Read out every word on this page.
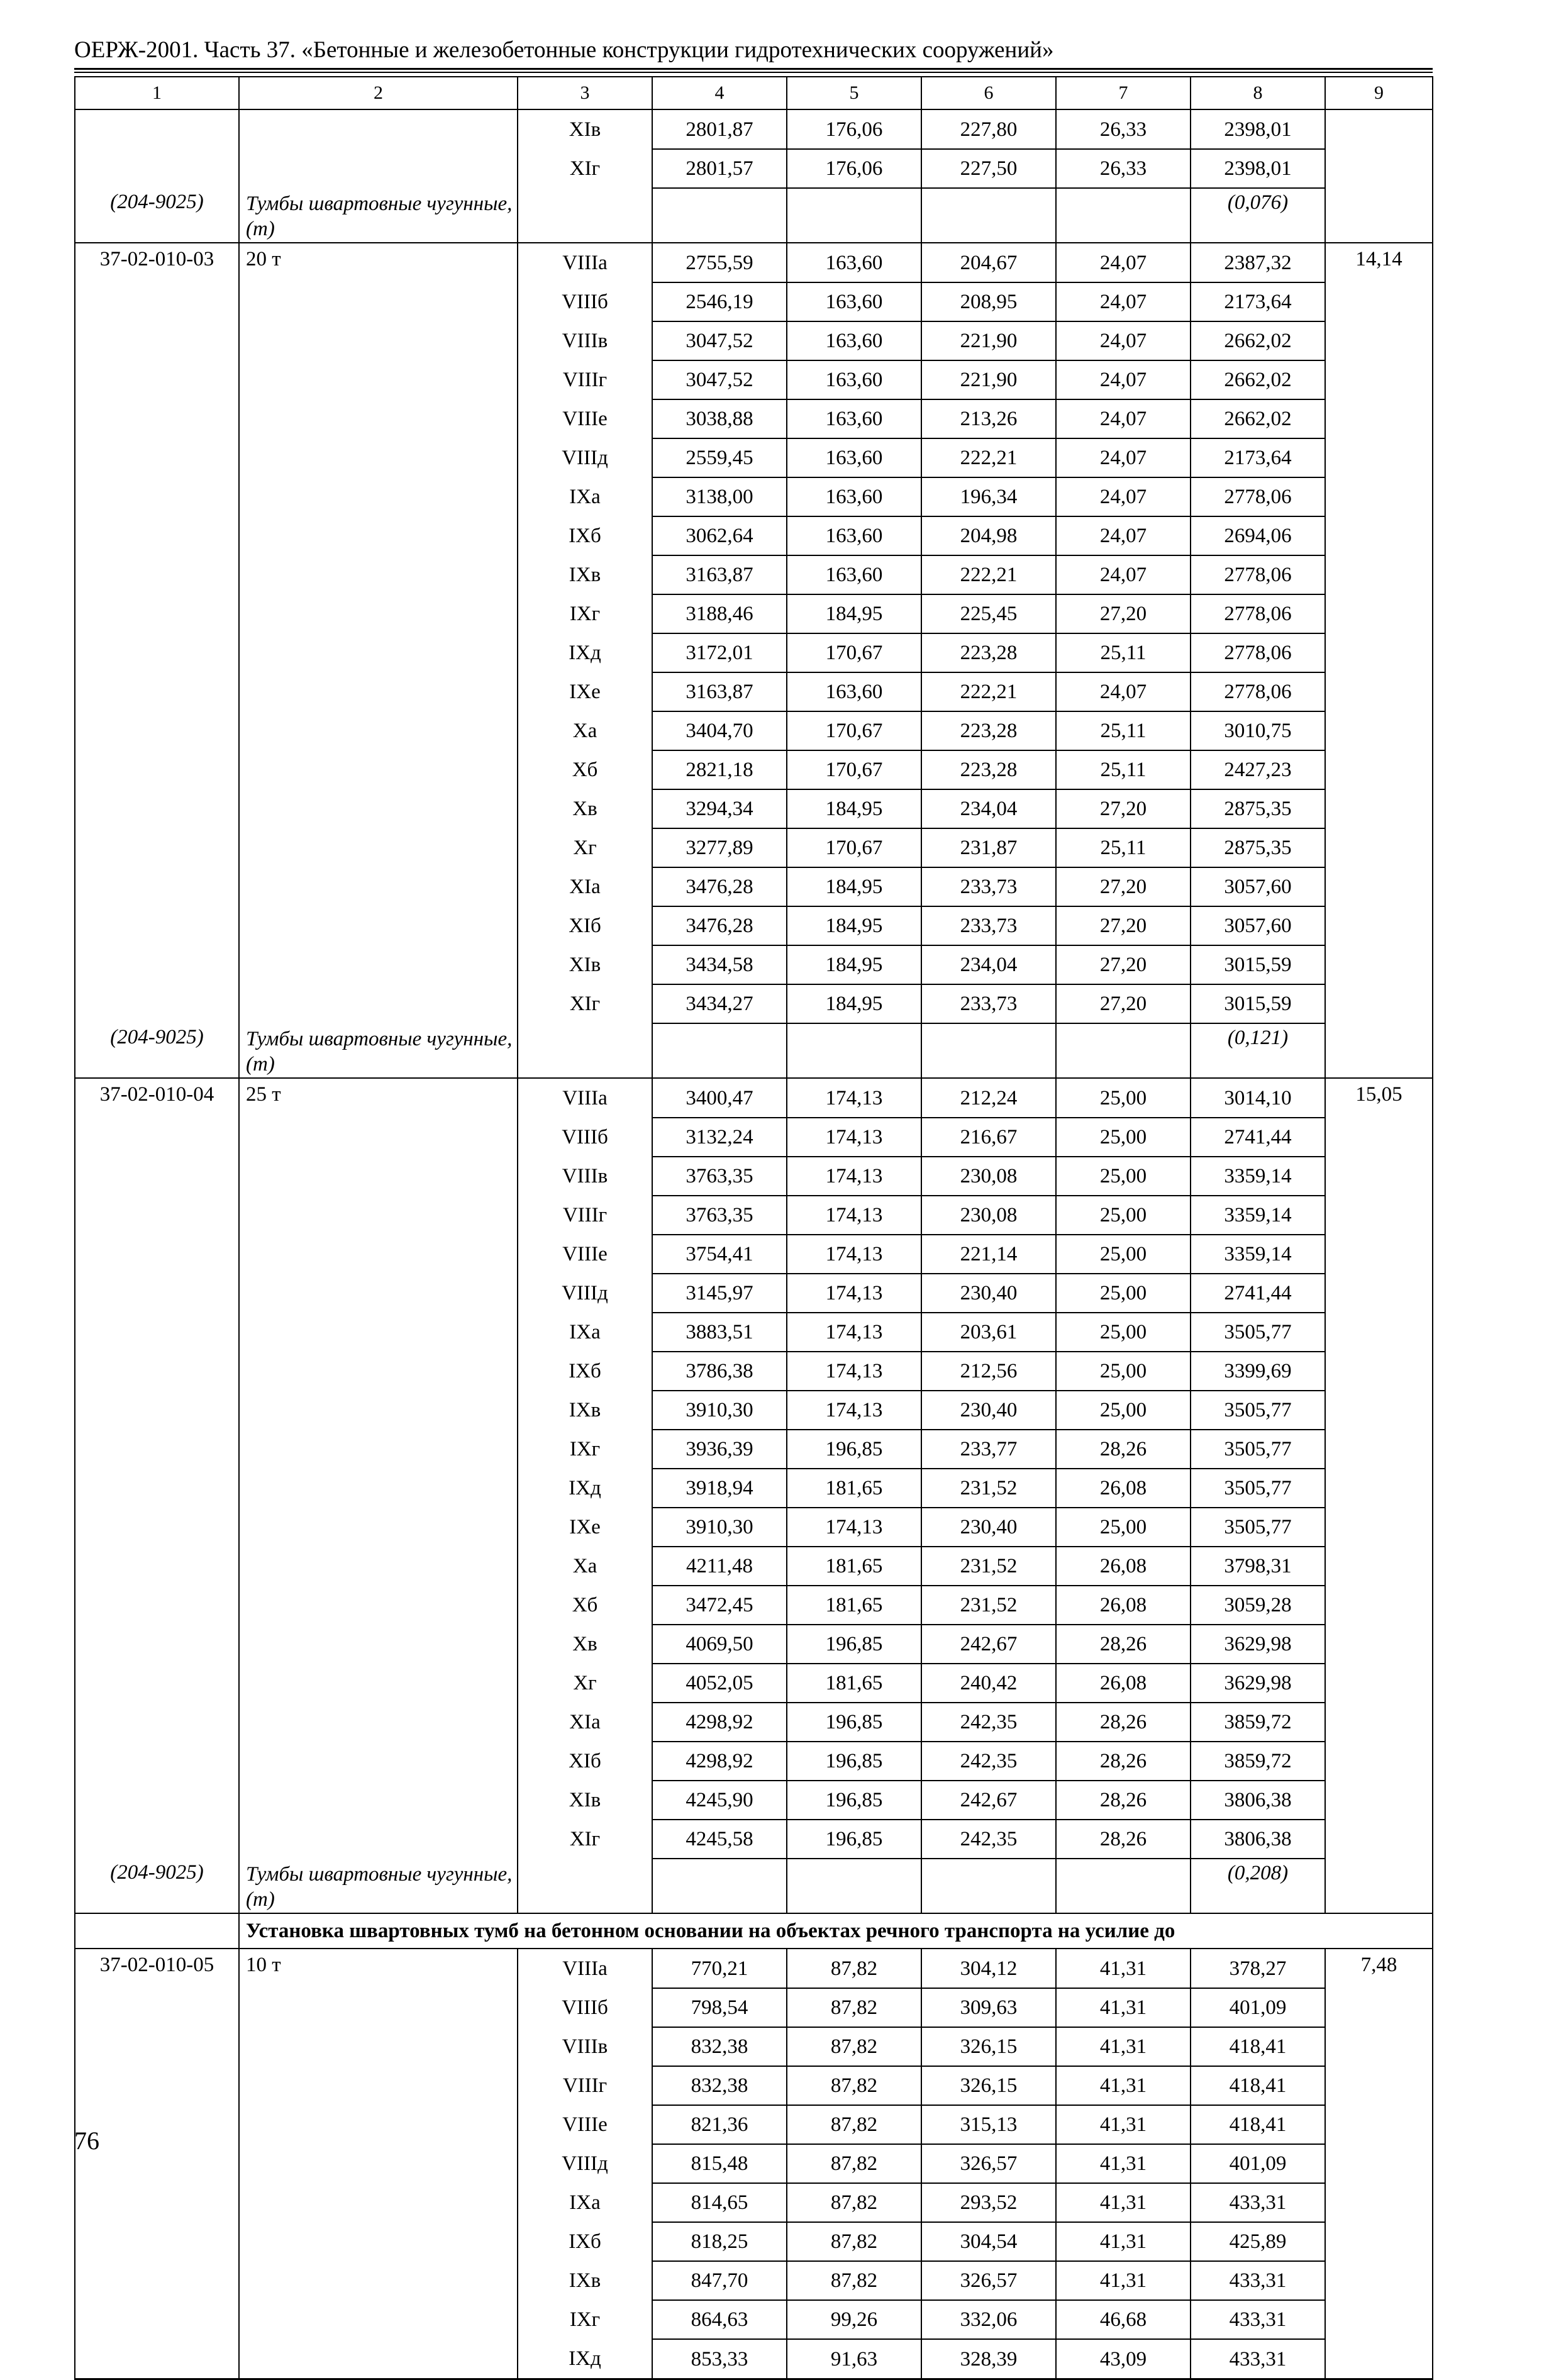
ОЕРЖ-2001. Часть 37. «Бетонные и железобетонные конструкции гидротехнических сооружений»
1	2	3	4	5	6	7	8	9
		XIв	2801,87	176,06	227,80	26,33	2398,01	
		XIг	2801,57	176,06	227,50	26,33	2398,01	
(204-9025)	Тумбы швартовные чугунные, (т)						(0,076)	
37-02-010-03	20 т	VIIIа	2755,59	163,60	204,67	24,07	2387,32	14,14
		VIIIб	2546,19	163,60	208,95	24,07	2173,64	
		VIIIв	3047,52	163,60	221,90	24,07	2662,02	
		VIIIг	3047,52	163,60	221,90	24,07	2662,02	
		VIIIе	3038,88	163,60	213,26	24,07	2662,02	
		VIIIд	2559,45	163,60	222,21	24,07	2173,64	
		IXа	3138,00	163,60	196,34	24,07	2778,06	
		IXб	3062,64	163,60	204,98	24,07	2694,06	
		IXв	3163,87	163,60	222,21	24,07	2778,06	
		IXг	3188,46	184,95	225,45	27,20	2778,06	
		IXд	3172,01	170,67	223,28	25,11	2778,06	
		IXе	3163,87	163,60	222,21	24,07	2778,06	
		Xа	3404,70	170,67	223,28	25,11	3010,75	
		Xб	2821,18	170,67	223,28	25,11	2427,23	
		Xв	3294,34	184,95	234,04	27,20	2875,35	
		Xг	3277,89	170,67	231,87	25,11	2875,35	
		XIа	3476,28	184,95	233,73	27,20	3057,60	
		XIб	3476,28	184,95	233,73	27,20	3057,60	
		XIв	3434,58	184,95	234,04	27,20	3015,59	
		XIг	3434,27	184,95	233,73	27,20	3015,59	
(204-9025)	Тумбы швартовные чугунные, (т)						(0,121)	
37-02-010-04	25 т	VIIIа	3400,47	174,13	212,24	25,00	3014,10	15,05
		VIIIб	3132,24	174,13	216,67	25,00	2741,44	
		VIIIв	3763,35	174,13	230,08	25,00	3359,14	
		VIIIг	3763,35	174,13	230,08	25,00	3359,14	
		VIIIе	3754,41	174,13	221,14	25,00	3359,14	
		VIIIд	3145,97	174,13	230,40	25,00	2741,44	
		IXа	3883,51	174,13	203,61	25,00	3505,77	
		IXб	3786,38	174,13	212,56	25,00	3399,69	
		IXв	3910,30	174,13	230,40	25,00	3505,77	
		IXг	3936,39	196,85	233,77	28,26	3505,77	
		IXд	3918,94	181,65	231,52	26,08	3505,77	
		IXе	3910,30	174,13	230,40	25,00	3505,77	
		Xа	4211,48	181,65	231,52	26,08	3798,31	
		Xб	3472,45	181,65	231,52	26,08	3059,28	
		Xв	4069,50	196,85	242,67	28,26	3629,98	
		Xг	4052,05	181,65	240,42	26,08	3629,98	
		XIа	4298,92	196,85	242,35	28,26	3859,72	
		XIб	4298,92	196,85	242,35	28,26	3859,72	
		XIв	4245,90	196,85	242,67	28,26	3806,38	
		XIг	4245,58	196,85	242,35	28,26	3806,38	
(204-9025)	Тумбы швартовные чугунные, (т)						(0,208)	
	Установка швартовных тумб на бетонном основании на объектах речного транспорта на усилие до							
37-02-010-05	10 т	VIIIа	770,21	87,82	304,12	41,31	378,27	7,48
		VIIIб	798,54	87,82	309,63	41,31	401,09	
		VIIIв	832,38	87,82	326,15	41,31	418,41	
		VIIIг	832,38	87,82	326,15	41,31	418,41	
		VIIIе	821,36	87,82	315,13	41,31	418,41	
		VIIIд	815,48	87,82	326,57	41,31	401,09	
		IXа	814,65	87,82	293,52	41,31	433,31	
		IXб	818,25	87,82	304,54	41,31	425,89	
		IXв	847,70	87,82	326,57	41,31	433,31	
		IXг	864,63	99,26	332,06	46,68	433,31	
		IXд	853,33	91,63	328,39	43,09	433,31	
76
